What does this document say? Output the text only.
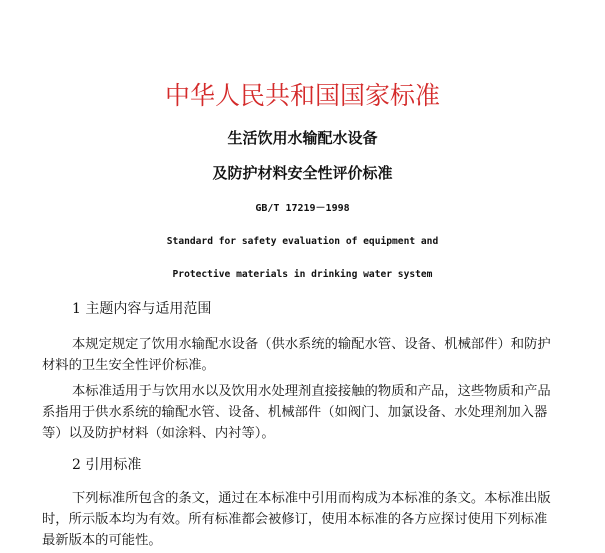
中华人民共和国国家标准
生活饮用水输配水设备
及防护材料安全性评价标准
GB/T 17219－1998
Standard for safety evaluation of equipment and
Protective materials in drinking water system
1 主题内容与适用范围
本规定规定了饮用水输配水设备（供水系统的输配水管、设备、机械部件）和防护
材料的卫生安全性评价标准。
本标准适用于与饮用水以及饮用水处理剂直接接触的物质和产品，这些物质和产品
系指用于供水系统的输配水管、设备、机械部件（如阀门、加氯设备、水处理剂加入器
等）以及防护材料（如涂料、内衬等）。
2 引用标准
下列标准所包含的条文，通过在本标准中引用而构成为本标准的条文。本标准出版
时，所示版本均为有效。所有标准都会被修订，使用本标准的各方应探讨使用下列标准
最新版本的可能性。
